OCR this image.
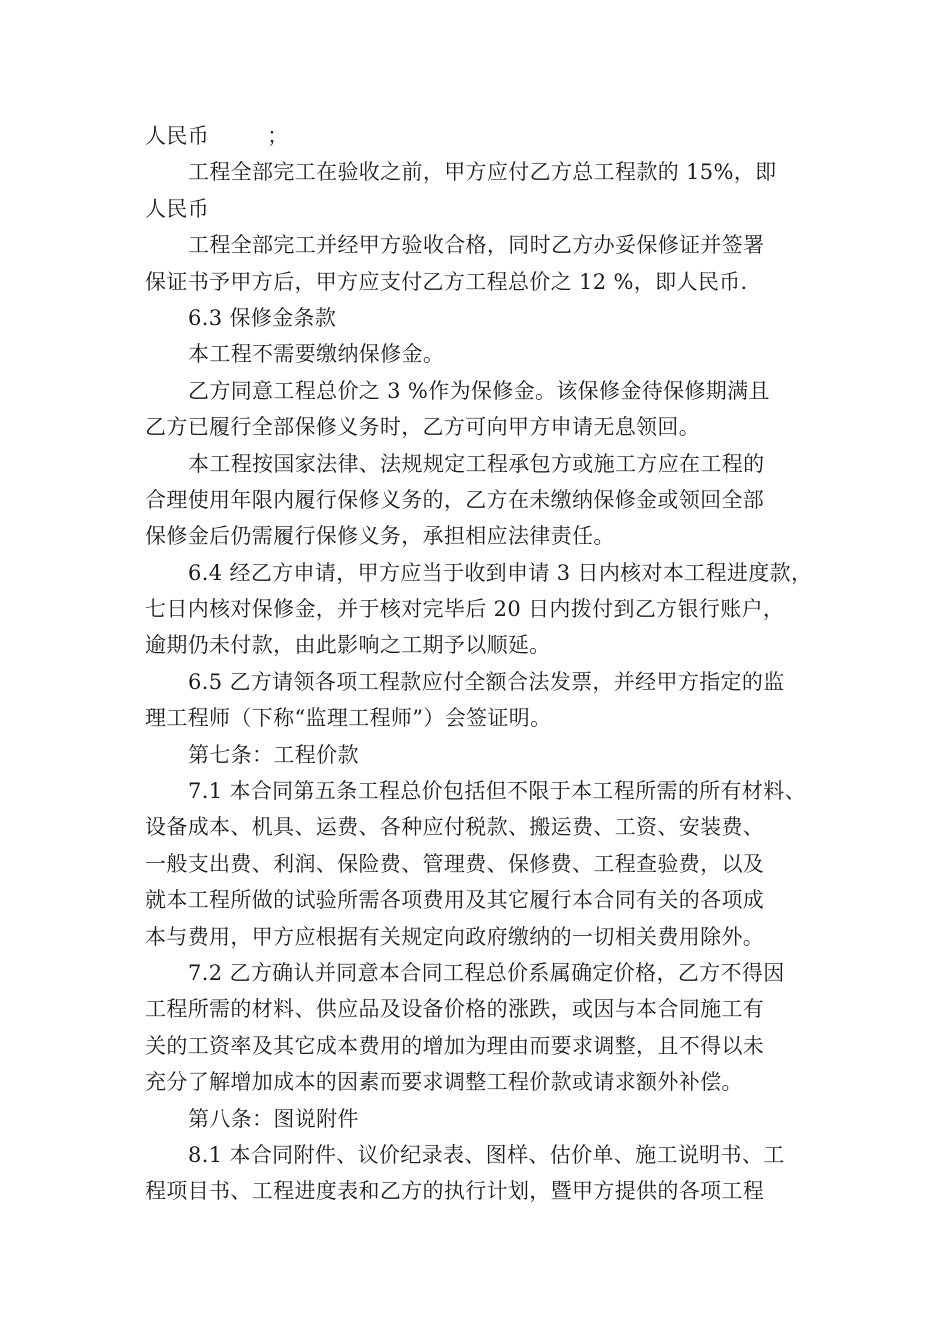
人民币	；
工程全部完工在验收之前，甲方应付乙方总工程款的 15%，即
人民币
工程全部完工并经甲方验收合格，同时乙方办妥保修证并签署
保证书予甲方后，甲方应支付乙方工程总价之 12 %，即人民币.
6.3 保修金条款
本工程不需要缴纳保修金。
乙方同意工程总价之 3 %作为保修金。该保修金待保修期满且
乙方已履行全部保修义务时，乙方可向甲方申请无息领回。
本工程按国家法律、法规规定工程承包方或施工方应在工程的
合理使用年限内履行保修义务的，乙方在未缴纳保修金或领回全部
保修金后仍需履行保修义务，承担相应法律责任。
6.4 经乙方申请，甲方应当于收到申请 3 日内核对本工程进度款，
七日内核对保修金，并于核对完毕后 20 日内拨付到乙方银行账户，
逾期仍未付款，由此影响之工期予以顺延。
6.5 乙方请领各项工程款应付全额合法发票，并经甲方指定的监
理工程师（下称“监理工程师”）会签证明。
第七条：工程价款
7.1 本合同第五条工程总价包括但不限于本工程所需的所有材料、
设备成本、机具、运费、各种应付税款、搬运费、工资、安装费、
一般支出费、利润、保险费、管理费、保修费、工程查验费，以及
就本工程所做的试验所需各项费用及其它履行本合同有关的各项成
本与费用，甲方应根据有关规定向政府缴纳的一切相关费用除外。
7.2 乙方确认并同意本合同工程总价系属确定价格，乙方不得因
工程所需的材料、供应品及设备价格的涨跌，或因与本合同施工有
关的工资率及其它成本费用的增加为理由而要求调整，且不得以未
充分了解增加成本的因素而要求调整工程价款或请求额外补偿。
第八条：图说附件
8.1 本合同附件、议价纪录表、图样、估价单、施工说明书、工
程项目书、工程进度表和乙方的执行计划，暨甲方提供的各项工程
